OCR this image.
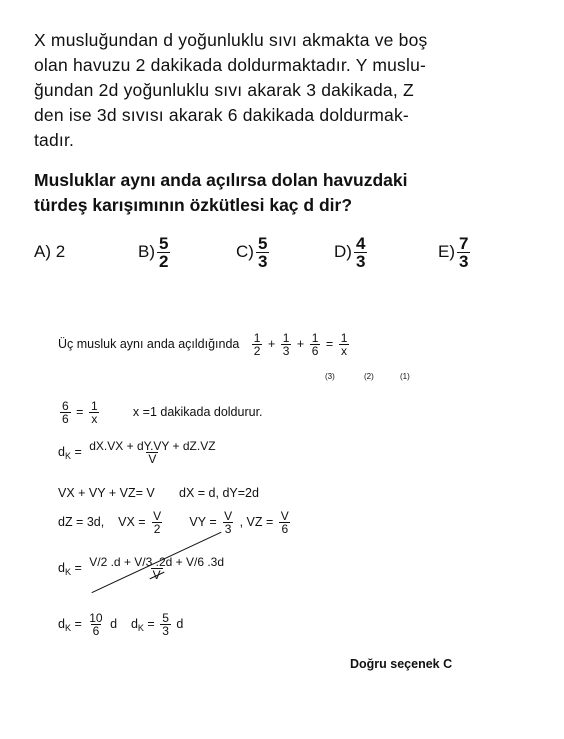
X musluğundan d yoğunluklu sıvı akmakta ve boş
olan havuzu 2 dakikada doldurmaktadır. Y muslu-
ğundan 2d yoğunluklu sıvı akarak 3 dakikada, Z
den ise 3d sıvısı akarak 6 dakikada doldurmak-
tadır.
Musluklar aynı anda açılırsa dolan havuzdaki
türdeş karışımının özkütlesi kaç d dir?
A) 2	$B) \frac{5}{2}$	$C) \frac{5}{3}$	$D) \frac{4}{3}$	$E) \frac{7}{3}$
Üç musluk aynı anda açıldığında $\frac{1}{2} + \frac{1}{3} + \frac{1}{6} = \frac{1}{x}$
(3)	(2)	(1)
$\frac{6}{6} = \frac{1}{x}$	x =1 dakikada doldurur.
$d_K = \frac{dX.VX + dY.VY + dZ.VZ}{V}$
VX + VY + VZ= V dX = d, dY=2d
dZ = 3d, VX = $\frac{V}{2}$ VY = $\frac{V}{3}$ , VZ = $\frac{V}{6}$
$d_K = \frac{V/2 .d + V/3 .2d + V/6 .3d}{V}$
$d_K = \frac{10}{6}$ d $d_K = \frac{5}{3}$ d
Doğru seçenek C
